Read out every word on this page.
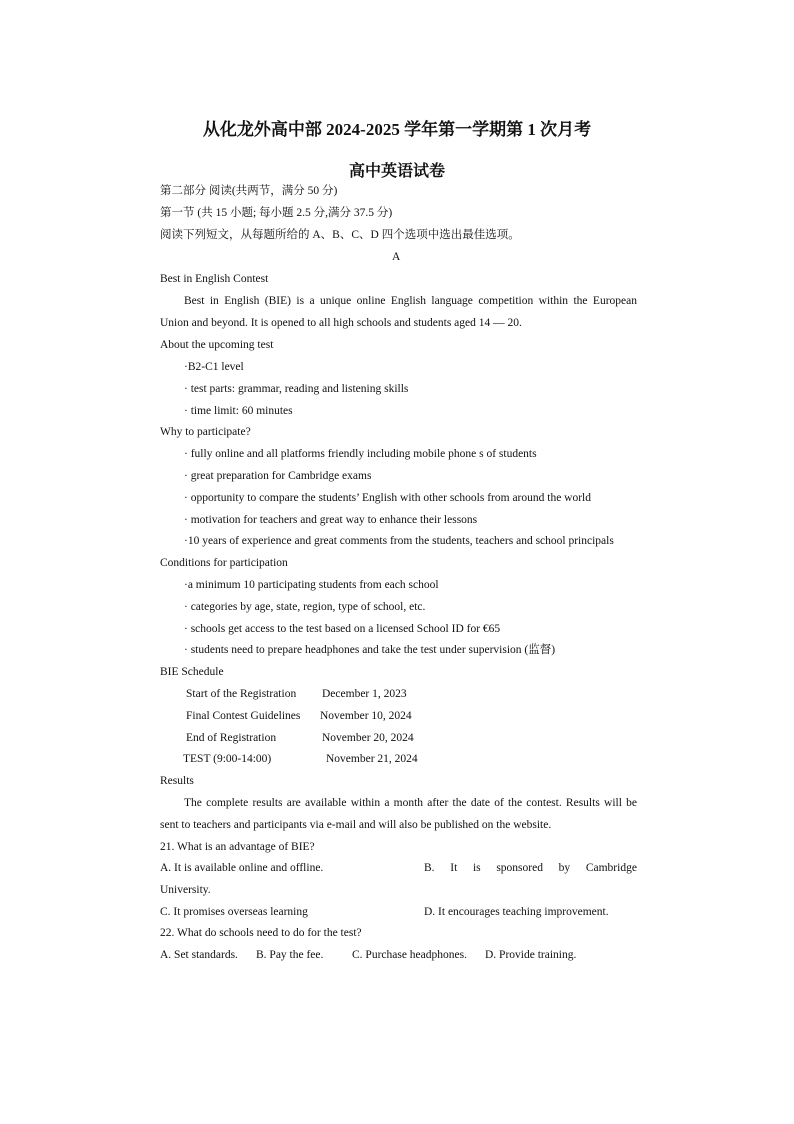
从化龙外高中部 2024-2025 学年第一学期第 1 次月考
高中英语试卷
第二部分 阅读(共两节，满分 50 分)
第一节 (共 15 小题; 每小题 2.5 分,满分 37.5 分)
阅读下列短文，从每题所给的 A、B、C、D 四个选项中选出最佳选项。
A
Best in English Contest
Best in English (BIE) is a unique online English language competition within the European
Union and beyond. It is opened to all high schools and students aged 14 — 20.
About the upcoming test
·B2-C1 level
· test parts: grammar, reading and listening skills
· time limit: 60 minutes
Why to participate?
· fully online and all platforms friendly including mobile phone s of students
· great preparation for Cambridge exams
· opportunity to compare the students’ English with other schools from around the world
· motivation for teachers and great way to enhance their lessons
·10 years of experience and great comments from the students, teachers and school principals
Conditions for participation
·a minimum 10 participating students from each school
· categories by age, state, region, type of school, etc.
· schools get access to the test based on a licensed School ID for €65
· students need to prepare headphones and take the test under supervision (监督)
BIE Schedule
Start of the Registration December 1, 2023
Final Contest Guidelines November 10, 2024
End of Registration	November 20, 2024
TEST (9:00-14:00)	November 21, 2024
Results
The complete results are available within a month after the date of the contest. Results will be
sent to teachers and participants via e-mail and will also be published on the website.
21. What is an advantage of BIE?
A. It is available online and offline.	B. It is sponsored by Cambridge
University.
C. It promises overseas learning	D. It encourages teaching improvement.
22. What do schools need to do for the test?
A. Set standards. B. Pay the fee. C. Purchase headphones. D. Provide training.
